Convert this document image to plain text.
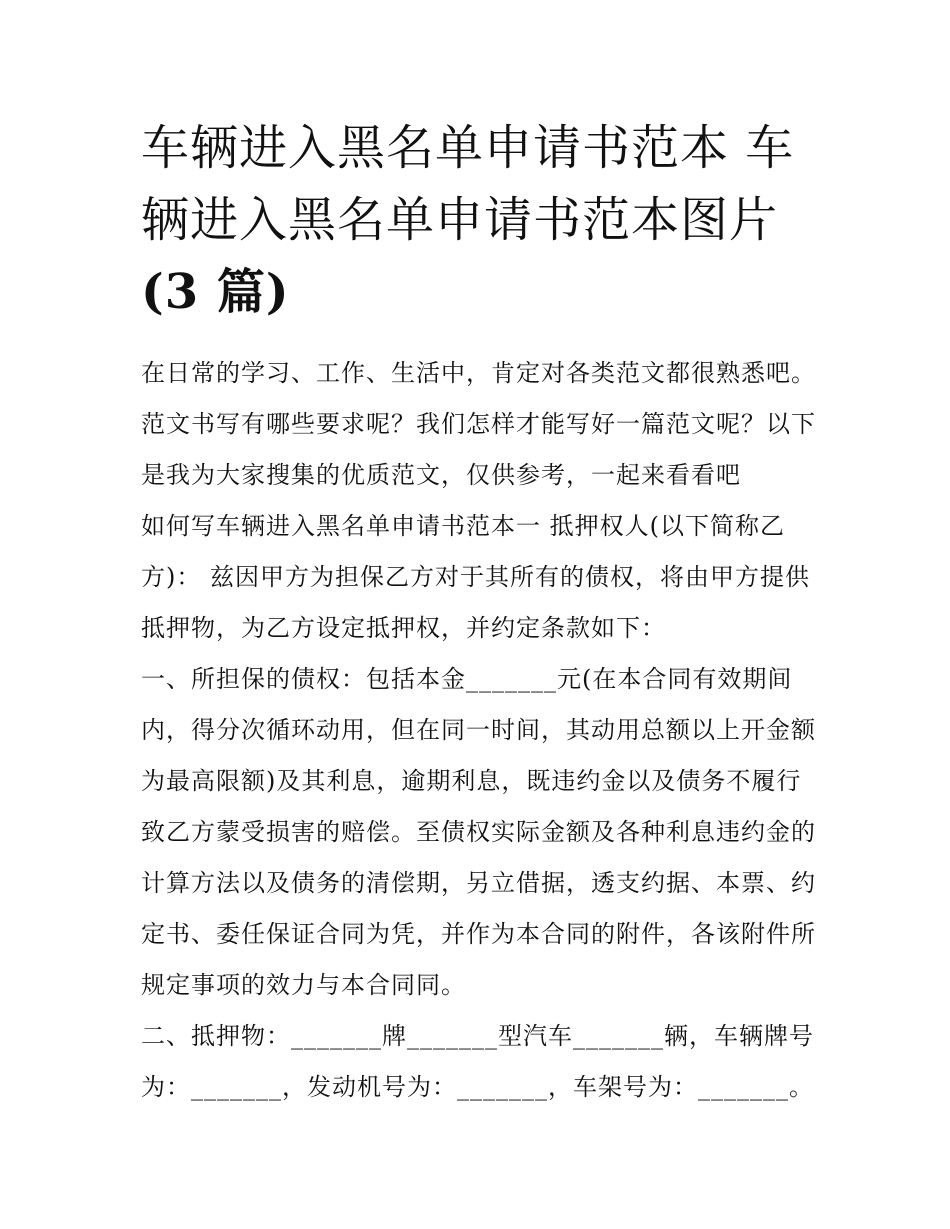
车辆进入黑名单申请书范本 车
辆进入黑名单申请书范本图片
(3 篇)

在日常的学习、工作、生活中，肯定对各类范文都很熟悉吧。

范文书写有哪些要求呢？我们怎样才能写好一篇范文呢？以下

是我为大家搜集的优质范文，仅供参考，一起来看看吧

如何写车辆进入黑名单申请书范本一 抵押权人(以下简称乙

方)： 兹因甲方为担保乙方对于其所有的债权，将由甲方提供

抵押物，为乙方设定抵押权，并约定条款如下：

一、所担保的债权：包括本金_______元(在本合同有效期间

内，得分次循环动用，但在同一时间，其动用总额以上开金额

为最高限额)及其利息，逾期利息，既违约金以及债务不履行

致乙方蒙受损害的赔偿。至债权实际金额及各种利息违约金的

计算方法以及债务的清偿期，另立借据，透支约据、本票、约

定书、委任保证合同为凭，并作为本合同的附件，各该附件所

规定事项的效力与本合同同。

二、抵押物：_______牌_______型汽车_______辆，车辆牌号

为：_______，发动机号为：_______，车架号为：_______。
